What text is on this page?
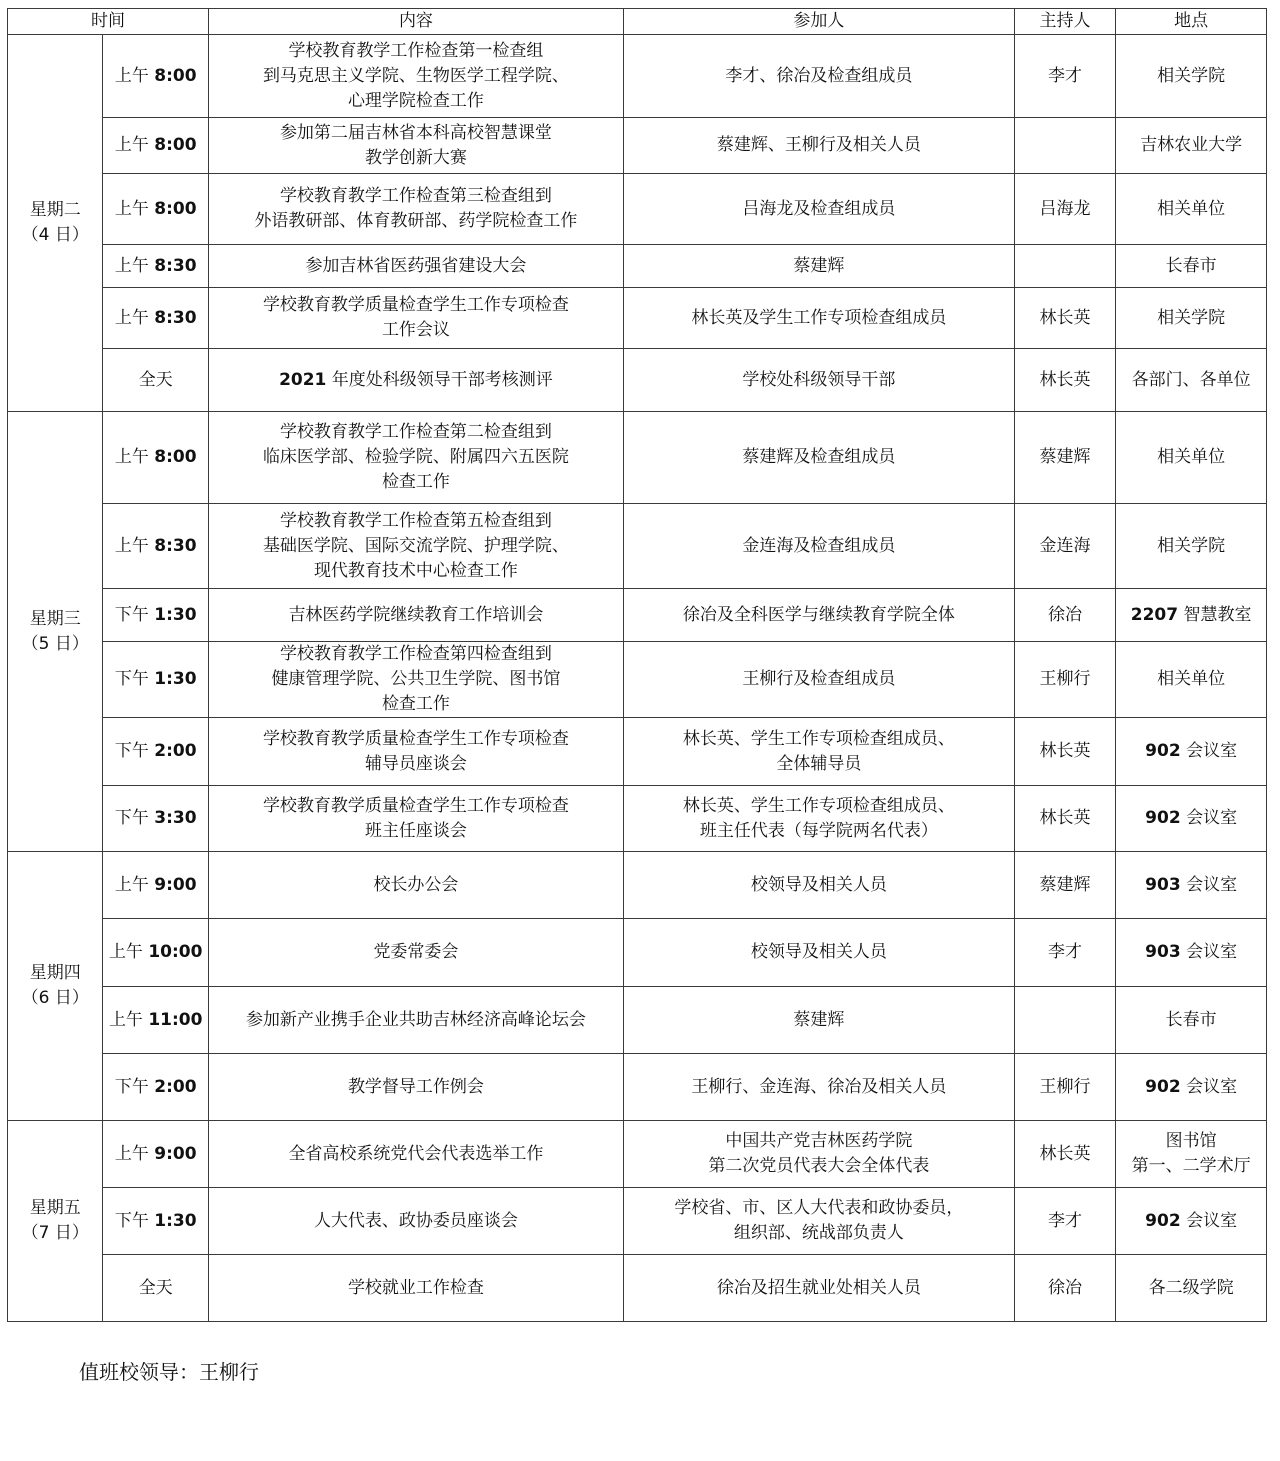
时间		内容	参加人	主持人	地点
星期二
（4 日）	上午 8:00	学校教育教学工作检查第一检查组
到马克思主义学院、生物医学工程学院、
心理学院检查工作	李才、徐冶及检查组成员	李才	相关学院
	上午 8:00	参加第二届吉林省本科高校智慧课堂
教学创新大赛	蔡建辉、王柳行及相关人员		吉林农业大学
	上午 8:00	学校教育教学工作检查第三检查组到
外语教研部、体育教研部、药学院检查工作	吕海龙及检查组成员	吕海龙	相关单位
	上午 8:30	参加吉林省医药强省建设大会	蔡建辉		长春市
	上午 8:30	学校教育教学质量检查学生工作专项检查
工作会议	林长英及学生工作专项检查组成员	林长英	相关学院
	全天	2021 年度处科级领导干部考核测评	学校处科级领导干部	林长英	各部门、各单位
星期三
（5 日）	上午 8:00	学校教育教学工作检查第二检查组到
临床医学部、检验学院、附属四六五医院
检查工作	蔡建辉及检查组成员	蔡建辉	相关单位
	上午 8:30	学校教育教学工作检查第五检查组到
基础医学院、国际交流学院、护理学院、
现代教育技术中心检查工作	金连海及检查组成员	金连海	相关学院
	下午 1:30	吉林医药学院继续教育工作培训会	徐冶及全科医学与继续教育学院全体	徐冶	2207 智慧教室
	下午 1:30	学校教育教学工作检查第四检查组到
健康管理学院、公共卫生学院、图书馆
检查工作	王柳行及检查组成员	王柳行	相关单位
	下午 2:00	学校教育教学质量检查学生工作专项检查
辅导员座谈会	林长英、学生工作专项检查组成员、
全体辅导员	林长英	902 会议室
	下午 3:30	学校教育教学质量检查学生工作专项检查
班主任座谈会	林长英、学生工作专项检查组成员、
班主任代表（每学院两名代表）	林长英	902 会议室
星期四
（6 日）	上午 9:00	校长办公会	校领导及相关人员	蔡建辉	903 会议室
	上午 10:00	党委常委会	校领导及相关人员	李才	903 会议室
	上午 11:00	参加新产业携手企业共助吉林经济高峰论坛会	蔡建辉		长春市
	下午 2:00	教学督导工作例会	王柳行、金连海、徐冶及相关人员	王柳行	902 会议室
星期五
（7 日）	上午 9:00	全省高校系统党代会代表选举工作	中国共产党吉林医药学院
第二次党员代表大会全体代表	林长英	图书馆
第一、二学术厅
	下午 1:30	人大代表、政协委员座谈会	学校省、市、区人大代表和政协委员，
组织部、统战部负责人	李才	902 会议室
	全天	学校就业工作检查	徐冶及招生就业处相关人员	徐冶	各二级学院
值班校领导：王柳行
